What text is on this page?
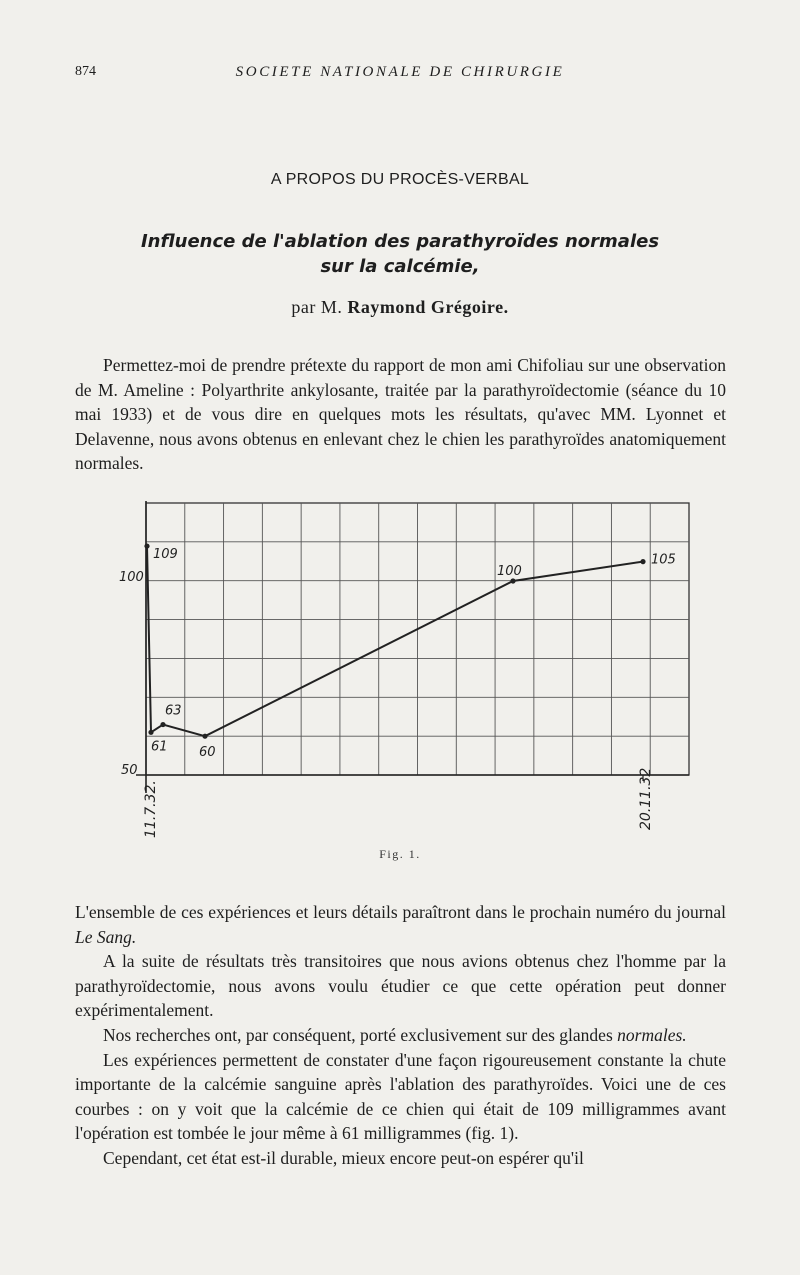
874	SOCIETE NATIONALE DE CHIRURGIE
A PROPOS DU PROCÈS-VERBAL
Influence de l'ablation des parathyroïdes normales
sur la calcémie,
par M. Raymond Grégoire.

Permettez-moi de prendre prétexte du rapport de mon ami Chifoliau sur une observation de M. Ameline : Polyarthrite ankylosante, traitée par la parathyroïdectomie (séance du 10 mai 1933) et de vous dire en quelques mots les résultats, qu'avec MM. Lyonnet et Delavenne, nous avons obtenus en enlevant chez le chien les parathyroïdes anatomiquement normales.

109
61
63
60
100
105
100
50
11.7.32.	20.11.32
Fig. 1.

L'ensemble de ces expériences et leurs détails paraîtront dans le prochain numéro du journal Le Sang.

A la suite de résultats très transitoires que nous avions obtenus chez l'homme par la parathyroïdectomie, nous avons voulu étudier ce que cette opération peut donner expérimentalement.

Nos recherches ont, par conséquent, porté exclusivement sur des glandes normales.

Les expériences permettent de constater d'une façon rigoureusement constante la chute importante de la calcémie sanguine après l'ablation des parathyroïdes. Voici une de ces courbes : on y voit que la calcémie de ce chien qui était de 109 milligrammes avant l'opération est tombée le jour même à 61 milligrammes (fig. 1).

Cependant, cet état est-il durable, mieux encore peut-on espérer qu'il
